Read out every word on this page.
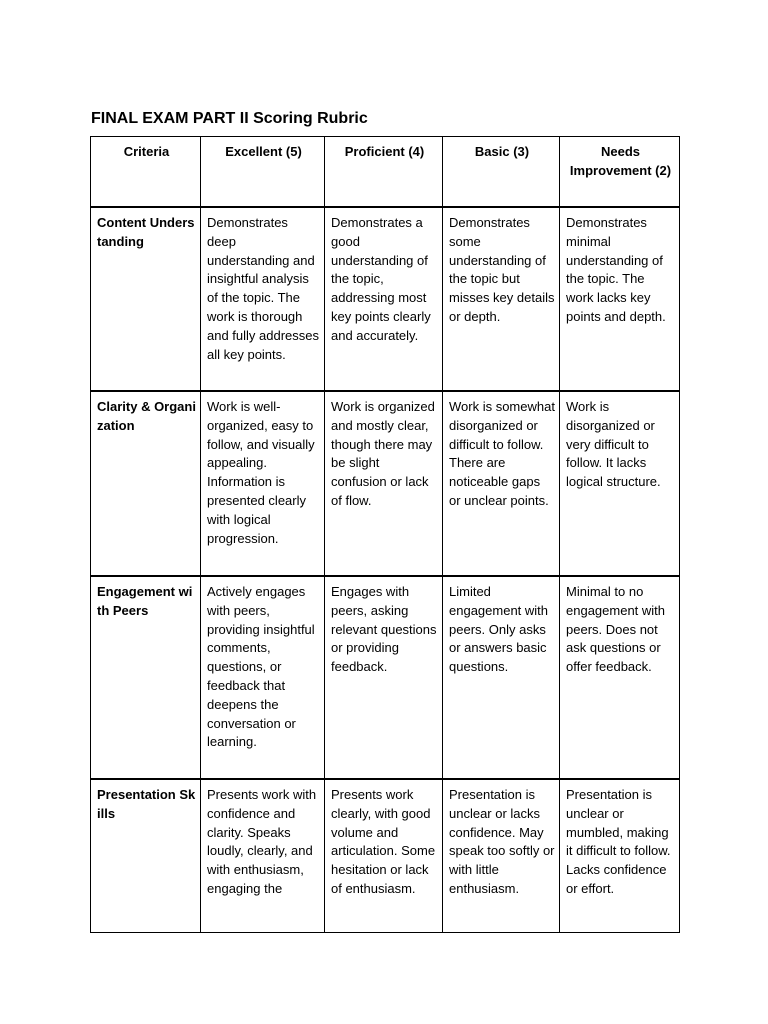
FINAL EXAM PART II Scoring Rubric
Criteria	Excellent (5)	Proficient (4)	Basic (3)	Needs Improvement (2)
Content Understanding	Demonstrates deep understanding and insightful analysis of the topic. The work is thorough and fully addresses all key points.	Demonstrates a good understanding of the topic, addressing most key points clearly and accurately.	Demonstrates some understanding of the topic but misses key details or depth.	Demonstrates minimal understanding of the topic. The work lacks key points and depth.
Clarity & Organization	Work is well-organized, easy to follow, and visually appealing. Information is presented clearly with logical progression.	Work is organized and mostly clear, though there may be slight confusion or lack of flow.	Work is somewhat disorganized or difficult to follow. There are noticeable gaps or unclear points.	Work is disorganized or very difficult to follow. It lacks logical structure.
Engagement with Peers	Actively engages with peers, providing insightful comments, questions, or feedback that deepens the conversation or learning.	Engages with peers, asking relevant questions or providing feedback.	Limited engagement with peers. Only asks or answers basic questions.	Minimal to no engagement with peers. Does not ask questions or offer feedback.
Presentation Skills	Presents work with confidence and clarity. Speaks loudly, clearly, and with enthusiasm, engaging the	Presents work clearly, with good volume and articulation. Some hesitation or lack of enthusiasm.	Presentation is unclear or lacks confidence. May speak too softly or with little enthusiasm.	Presentation is unclear or mumbled, making it difficult to follow. Lacks confidence or effort.
